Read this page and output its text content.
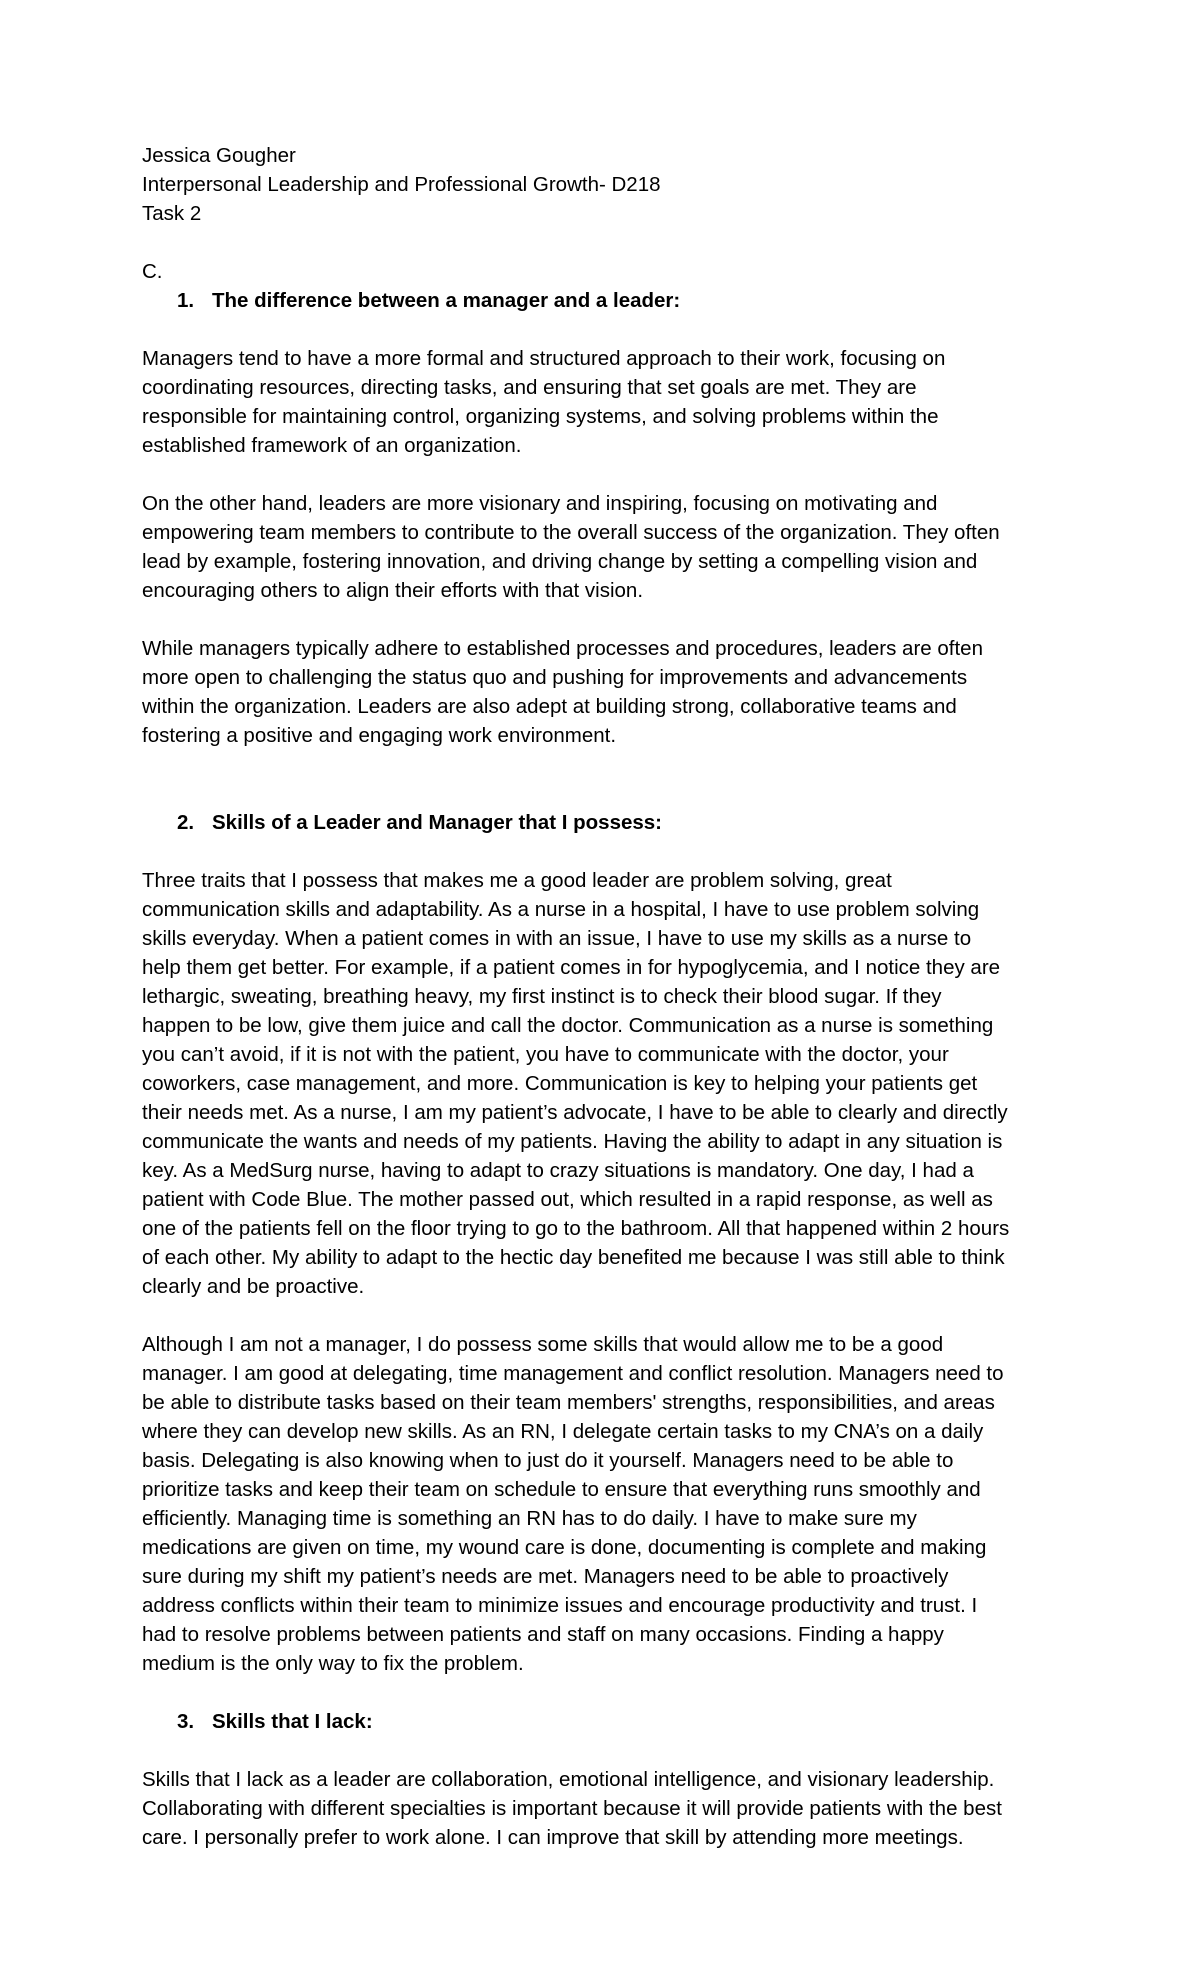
Jessica Gougher
Interpersonal Leadership and Professional Growth- D218
Task 2
C.
1. The difference between a manager and a leader:

Managers tend to have a more formal and structured approach to their work, focusing on
coordinating resources, directing tasks, and ensuring that set goals are met. They are
responsible for maintaining control, organizing systems, and solving problems within the
established framework of an organization.

On the other hand, leaders are more visionary and inspiring, focusing on motivating and
empowering team members to contribute to the overall success of the organization. They often
lead by example, fostering innovation, and driving change by setting a compelling vision and
encouraging others to align their efforts with that vision.

While managers typically adhere to established processes and procedures, leaders are often
more open to challenging the status quo and pushing for improvements and advancements
within the organization. Leaders are also adept at building strong, collaborative teams and
fostering a positive and engaging work environment.

2. Skills of a Leader and Manager that I possess:

Three traits that I possess that makes me a good leader are problem solving, great
communication skills and adaptability. As a nurse in a hospital, I have to use problem solving
skills everyday. When a patient comes in with an issue, I have to use my skills as a nurse to
help them get better. For example, if a patient comes in for hypoglycemia, and I notice they are
lethargic, sweating, breathing heavy, my first instinct is to check their blood sugar. If they
happen to be low, give them juice and call the doctor. Communication as a nurse is something
you can’t avoid, if it is not with the patient, you have to communicate with the doctor, your
coworkers, case management, and more. Communication is key to helping your patients get
their needs met. As a nurse, I am my patient’s advocate, I have to be able to clearly and directly
communicate the wants and needs of my patients. Having the ability to adapt in any situation is
key. As a MedSurg nurse, having to adapt to crazy situations is mandatory. One day, I had a
patient with Code Blue. The mother passed out, which resulted in a rapid response, as well as
one of the patients fell on the floor trying to go to the bathroom. All that happened within 2 hours
of each other. My ability to adapt to the hectic day benefited me because I was still able to think
clearly and be proactive.

Although I am not a manager, I do possess some skills that would allow me to be a good
manager. I am good at delegating, time management and conflict resolution. Managers need to
be able to distribute tasks based on their team members' strengths, responsibilities, and areas
where they can develop new skills. As an RN, I delegate certain tasks to my CNA’s on a daily
basis. Delegating is also knowing when to just do it yourself. Managers need to be able to
prioritize tasks and keep their team on schedule to ensure that everything runs smoothly and
efficiently. Managing time is something an RN has to do daily. I have to make sure my
medications are given on time, my wound care is done, documenting is complete and making
sure during my shift my patient’s needs are met. Managers need to be able to proactively
address conflicts within their team to minimize issues and encourage productivity and trust. I
had to resolve problems between patients and staff on many occasions. Finding a happy
medium is the only way to fix the problem.

3. Skills that I lack:

Skills that I lack as a leader are collaboration, emotional intelligence, and visionary leadership.
Collaborating with different specialties is important because it will provide patients with the best
care. I personally prefer to work alone. I can improve that skill by attending more meetings.
